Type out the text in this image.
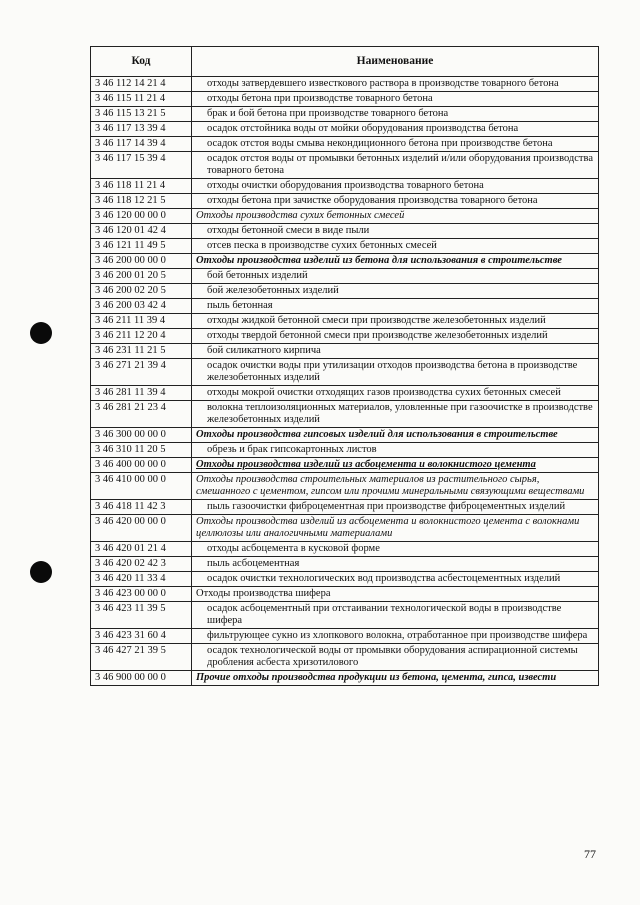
Код	Наименование
3 46 112 14 21 4	отходы затвердевшего известкового раствора в производстве товарного бетона
3 46 115 11 21 4	отходы бетона при производстве товарного бетона
3 46 115 13 21 5	брак и бой бетона при производстве товарного бетона
3 46 117 13 39 4	осадок отстойника воды от мойки оборудования производства бетона
3 46 117 14 39 4	осадок отстоя воды смыва некондиционного бетона при производстве бетона
3 46 117 15 39 4	осадок отстоя воды от промывки бетонных изделий и/или оборудования производства товарного бетона
3 46 118 11 21 4	отходы очистки оборудования производства товарного бетона
3 46 118 12 21 5	отходы бетона при зачистке оборудования производства товарного бетона
3 46 120 00 00 0	Отходы производства сухих бетонных смесей
3 46 120 01 42 4	отходы бетонной смеси в виде пыли
3 46 121 11 49 5	отсев песка в производстве сухих бетонных смесей
3 46 200 00 00 0	Отходы производства изделий из бетона для использования в строительстве
3 46 200 01 20 5	бой бетонных изделий
3 46 200 02 20 5	бой железобетонных изделий
3 46 200 03 42 4	пыль бетонная
3 46 211 11 39 4	отходы жидкой бетонной смеси при производстве железобетонных изделий
3 46 211 12 20 4	отходы твердой бетонной смеси при производстве железобетонных изделий
3 46 231 11 21 5	бой силикатного кирпича
3 46 271 21 39 4	осадок очистки воды при утилизации отходов производства бетона в производстве железобетонных изделий
3 46 281 11 39 4	отходы мокрой очистки отходящих газов производства сухих бетонных смесей
3 46 281 21 23 4	волокна теплоизоляционных материалов, уловленные при газоочистке в производстве железобетонных изделий
3 46 300 00 00 0	Отходы производства гипсовых изделий для использования в строительстве
3 46 310 11 20 5	обрезь и брак гипсокартонных листов
3 46 400 00 00 0	Отходы производства изделий из асбоцемента и волокнистого цемента
3 46 410 00 00 0	Отходы производства строительных материалов из растительного сырья, смешанного с цементом, гипсом или прочими минеральными связующими веществами
3 46 418 11 42 3	пыль газоочистки фиброцементная при производстве фиброцементных изделий
3 46 420 00 00 0	Отходы производства изделий из асбоцемента и волокнистого цемента с волокнами целлюлозы или аналогичными материалами
3 46 420 01 21 4	отходы асбоцемента в кусковой форме
3 46 420 02 42 3	пыль асбоцементная
3 46 420 11 33 4	осадок очистки технологических вод производства асбестоцементных изделий
3 46 423 00 00 0	Отходы производства шифера
3 46 423 11 39 5	осадок асбоцементный при отстаивании технологической воды в производстве шифера
3 46 423 31 60 4	фильтрующее сукно из хлопкового волокна, отработанное при производстве шифера
3 46 427 21 39 5	осадок технологической воды от промывки оборудования аспирационной системы дробления асбеста хризотилового
3 46 900 00 00 0	Прочие отходы производства продукции из бетона, цемента, гипса, извести
77
